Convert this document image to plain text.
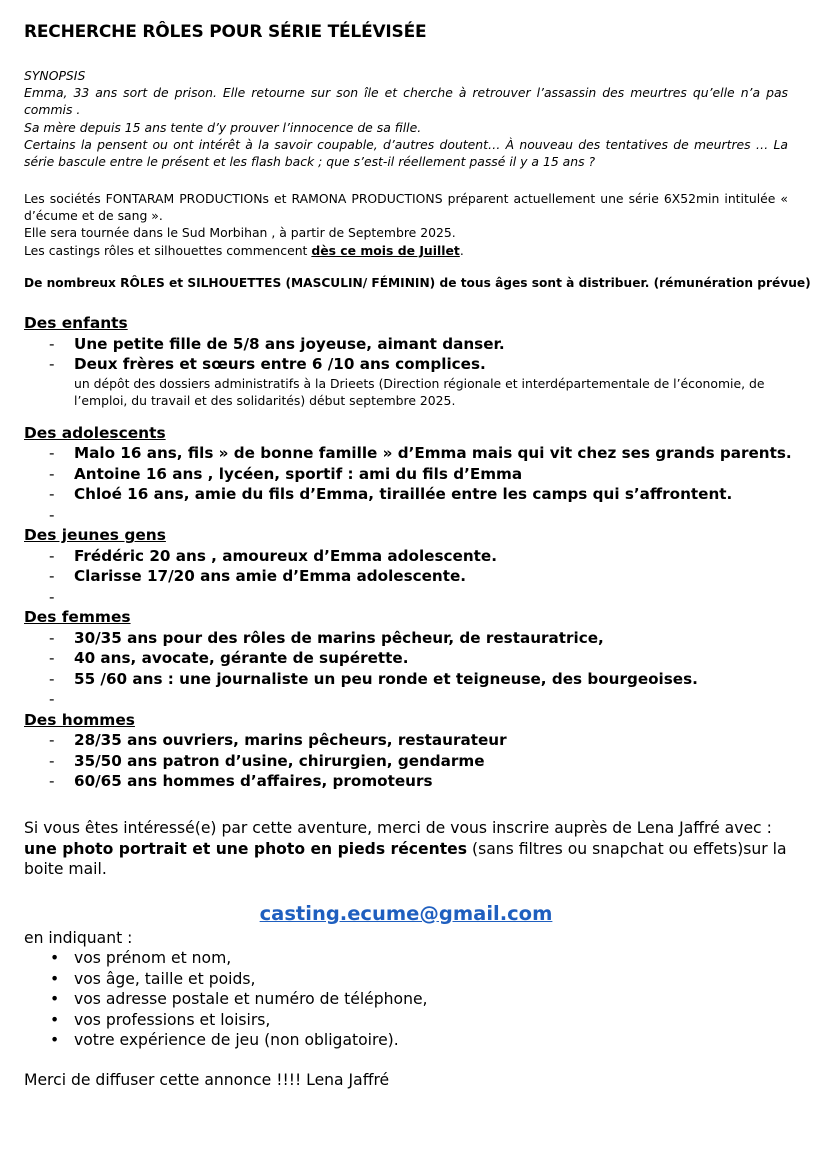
RECHERCHE RÔLES POUR SÉRIE TÉLÉVISÉE
SYNOPSIS
Emma, 33 ans sort de prison. Elle retourne sur son île et cherche à retrouver l’assassin des meurtres qu’elle n’a pas commis .
Sa mère depuis 15 ans tente d’y prouver l’innocence de sa fille.
Certains la pensent ou ont intérêt à la savoir coupable, d’autres doutent… À nouveau des tentatives de meurtres … La série bascule entre le présent et les flash back ; que s’est-il réellement passé il y a 15 ans ?
Les sociétés FONTARAM PRODUCTIONs et RAMONA PRODUCTIONS préparent actuellement une série 6X52min intitulée « d’écume et de sang ».
Elle sera tournée dans le Sud Morbihan , à partir de Septembre 2025.
Les castings rôles et silhouettes commencent dès ce mois de Juillet.
De nombreux RÔLES et SILHOUETTES (MASCULIN/ FÉMININ) de tous âges sont à distribuer. (rémunération prévue)
Des enfants
- Une petite fille de 5/8 ans joyeuse, aimant danser.
- Deux frères et sœurs entre 6 /10 ans complices.
un dépôt des dossiers administratifs à la Drieets (Direction régionale et interdépartementale de l’économie, de l’emploi, du travail et des solidarités) début septembre 2025.
Des adolescents
- Malo 16 ans, fils » de bonne famille » d’Emma mais qui vit chez ses grands parents.
- Antoine 16 ans , lycéen, sportif : ami du fils d’Emma
- Chloé 16 ans, amie du fils d’Emma, tiraillée entre les camps qui s’affrontent.
-
Des jeunes gens
- Frédéric 20 ans , amoureux d’Emma adolescente.
- Clarisse 17/20 ans amie d’Emma adolescente.
-
Des femmes
- 30/35 ans pour des rôles de marins pêcheur, de restauratrice,
- 40 ans, avocate, gérante de supérette.
- 55 /60 ans : une journaliste un peu ronde et teigneuse, des bourgeoises.
-
Des hommes
- 28/35 ans ouvriers, marins pêcheurs, restaurateur
- 35/50 ans patron d’usine, chirurgien, gendarme
- 60/65 ans hommes d’affaires, promoteurs
Si vous êtes intéressé(e) par cette aventure, merci de vous inscrire auprès de Lena Jaffré avec :
une photo portrait et une photo en pieds récentes (sans filtres ou snapchat ou effets)sur la boite mail.
casting.ecume@gmail.com
en indiquant :
• vos prénom et nom,
• vos âge, taille et poids,
• vos adresse postale et numéro de téléphone,
• vos professions et loisirs,
• votre expérience de jeu (non obligatoire).
Merci de diffuser cette annonce !!!! Lena Jaffré
